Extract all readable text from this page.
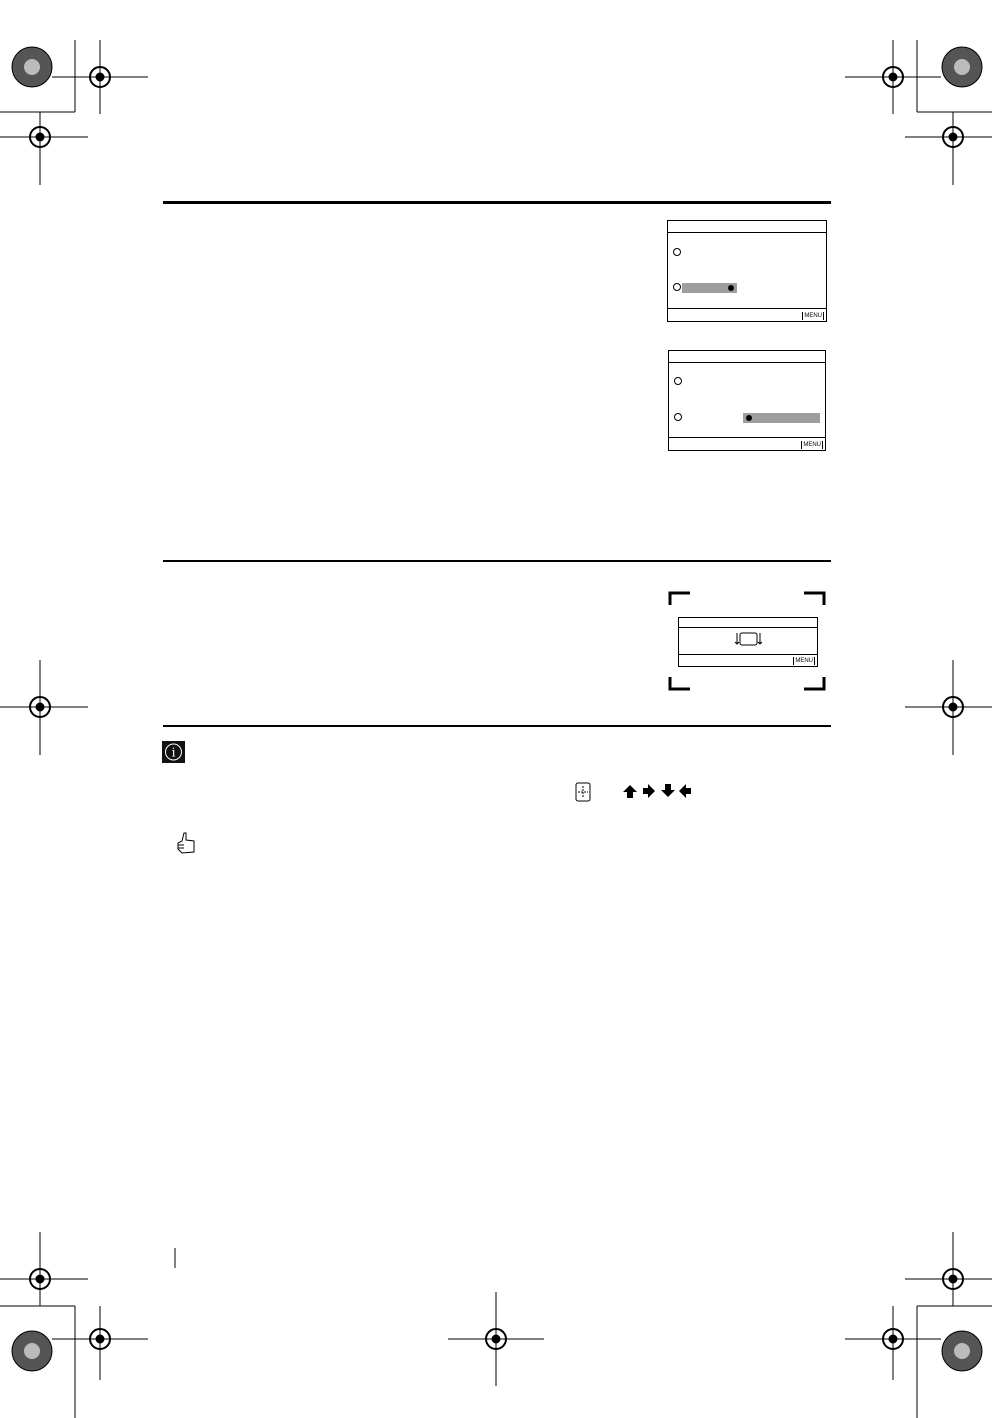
MENU
MENU
MENU
i
